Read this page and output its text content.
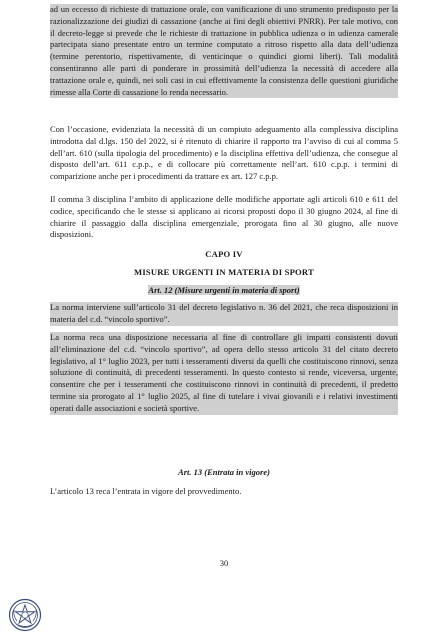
ad un eccesso di richieste di trattazione orale, con vanificazione di uno strumento predisposto per la razionalizzazione dei giudizi di cassazione (anche ai fini degli obiettivi PNRR). Per tale motivo, con il decreto-legge si prevede che le richieste di trattazione in pubblica udienza o in udienza camerale partecipata siano presentate entro un termine computato a ritroso rispetto alla data dell’udienza (termine perentorio, rispettivamente, di venticinque o quindici giorni liberi). Tali modalità consentiranno alle parti di ponderare in prossimità dell’udienza la necessità di accedere alla trattazione orale e, quindi, nei soli casi in cui effettivamente la consistenza delle questioni giuridiche rimesse alla Corte di cassazione lo renda necessario.

Con l’occasione, evidenziata la necessità di un compiuto adeguamento alla complessiva disciplina introdotta dal d.lgs. 150 del 2022, si è ritenuto di chiarire il rapporto tra l’avviso di cui al comma 5 dell’art. 610 (sulla tipologia del procedimento) e la disciplina effettiva dell’udienza, che consegue al disposto dell’art. 611 c.p.p., e di collocare più correttamente nell’art. 610 c.p.p. i termini di comparizione anche per i procedimenti da trattare ex art. 127 c.p.p.

Il comma 3 disciplina l’ambito di applicazione delle modifiche apportate agli articoli 610 e 611 del codice, specificando che le stesse si applicano ai ricorsi proposti dopo il 30 giugno 2024, al fine di chiarire il passaggio dalla disciplina emergenziale, prorogata fino al 30 giugno, alle nuove disposizioni.

CAPO IV

MISURE URGENTI IN MATERIA DI SPORT

Art. 12 (Misure urgenti in materia di sport)

La norma interviene sull’articolo 31 del decreto legislativo n. 36 del 2021, che reca disposizioni in materia del c.d. “vincolo sportivo”.

La norma reca una disposizione necessaria al fine di controllare gli impatti consistenti dovuti all’eliminazione del c.d. “vincolo sportivo”, ad opera dello stesso articolo 31 del citato decreto legislativo, al 1° luglio 2023, per tutti i tesseramenti diversi da quelli che costituiscono rinnovi, senza soluzione di continuità, di precedenti tesseramenti. In questo contesto si rende, viceversa, urgente, consentire che per i tesseramenti che costituiscono rinnovi in continuità di precedenti, il predetto termine sia prorogato al 1° luglio 2025, al fine di tutelare i vivai giovanili e i relativi investimenti operati dalle associazioni e società sportive.

Art. 13 (Entrata in vigore)

L’articolo 13 reca l’entrata in vigore del provvedimento.

30
